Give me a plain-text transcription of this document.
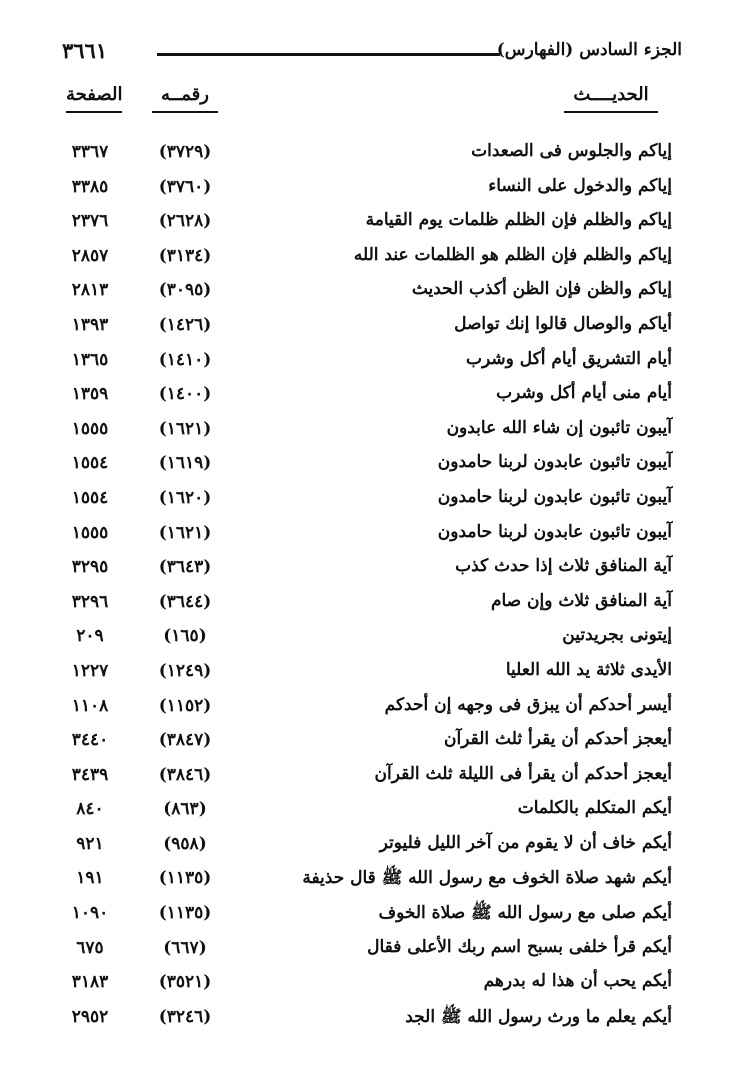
الجزء السادس (الفهارس)
٣٦٦١
الحديــــث
رقمــه
الصفحة
إياكم والجلوس فى الصعدات
(٣٧٢٩)
٣٣٦٧
إياكم والدخول على النساء
(٣٧٦٠)
٣٣٨٥
إياكم والظلم فإن الظلم ظلمات يوم القيامة
(٢٦٢٨)
٢٣٧٦
إياكم والظلم فإن الظلم هو الظلمات عند الله
(٣١٣٤)
٢٨٥٧
إياكم والظن فإن الظن أكذب الحديث
(٣٠٩٥)
٢٨١٣
أياكم والوصال قالوا إنك تواصل
(١٤٢٦)
١٣٩٣
أيام التشريق أيام أكل وشرب
(١٤١٠)
١٣٦٥
أيام منى أيام أكل وشرب
(١٤٠٠)
١٣٥٩
آيبون تائبون إن شاء الله عابدون
(١٦٢١)
١٥٥٥
آيبون تائبون عابدون لربنا حامدون
(١٦١٩)
١٥٥٤
آيبون تائبون عابدون لربنا حامدون
(١٦٢٠)
١٥٥٤
آيبون تائبون عابدون لربنا حامدون
(١٦٢١)
١٥٥٥
آية المنافق ثلاث إذا حدث كذب
(٣٦٤٣)
٣٢٩٥
آية المنافق ثلاث وإن صام
(٣٦٤٤)
٣٢٩٦
إيتونى بجريدتين
(١٦٥)
٢٠٩
الأيدى ثلاثة يد الله العليا
(١٢٤٩)
١٢٢٧
أيسر أحدكم أن يبزق فى وجهه إن أحدكم
(١١٥٢)
١١٠٨
أيعجز أحدكم أن يقرأ ثلث القرآن
(٣٨٤٧)
٣٤٤٠
أيعجز أحدكم أن يقرأ فى الليلة ثلث القرآن
(٣٨٤٦)
٣٤٣٩
أيكم المتكلم بالكلمات
(٨٦٣)
٨٤٠
أيكم خاف أن لا يقوم من آخر الليل فليوتر
(٩٥٨)
٩٢١
أيكم شهد صلاة الخوف مع رسول الله ﷺ قال حذيفة
(١١٣٥)
١٩١
أيكم صلى مع رسول الله ﷺ صلاة الخوف
(١١٣٥)
١٠٩٠
أيكم قرأ خلفى بسبح اسم ربك الأعلى فقال
(٦٦٧)
٦٧٥
أيكم يحب أن هذا له بدرهم
(٣٥٢١)
٣١٨٣
أيكم يعلم ما ورث رسول الله ﷺ الجد
(٣٢٤٦)
٢٩٥٢
